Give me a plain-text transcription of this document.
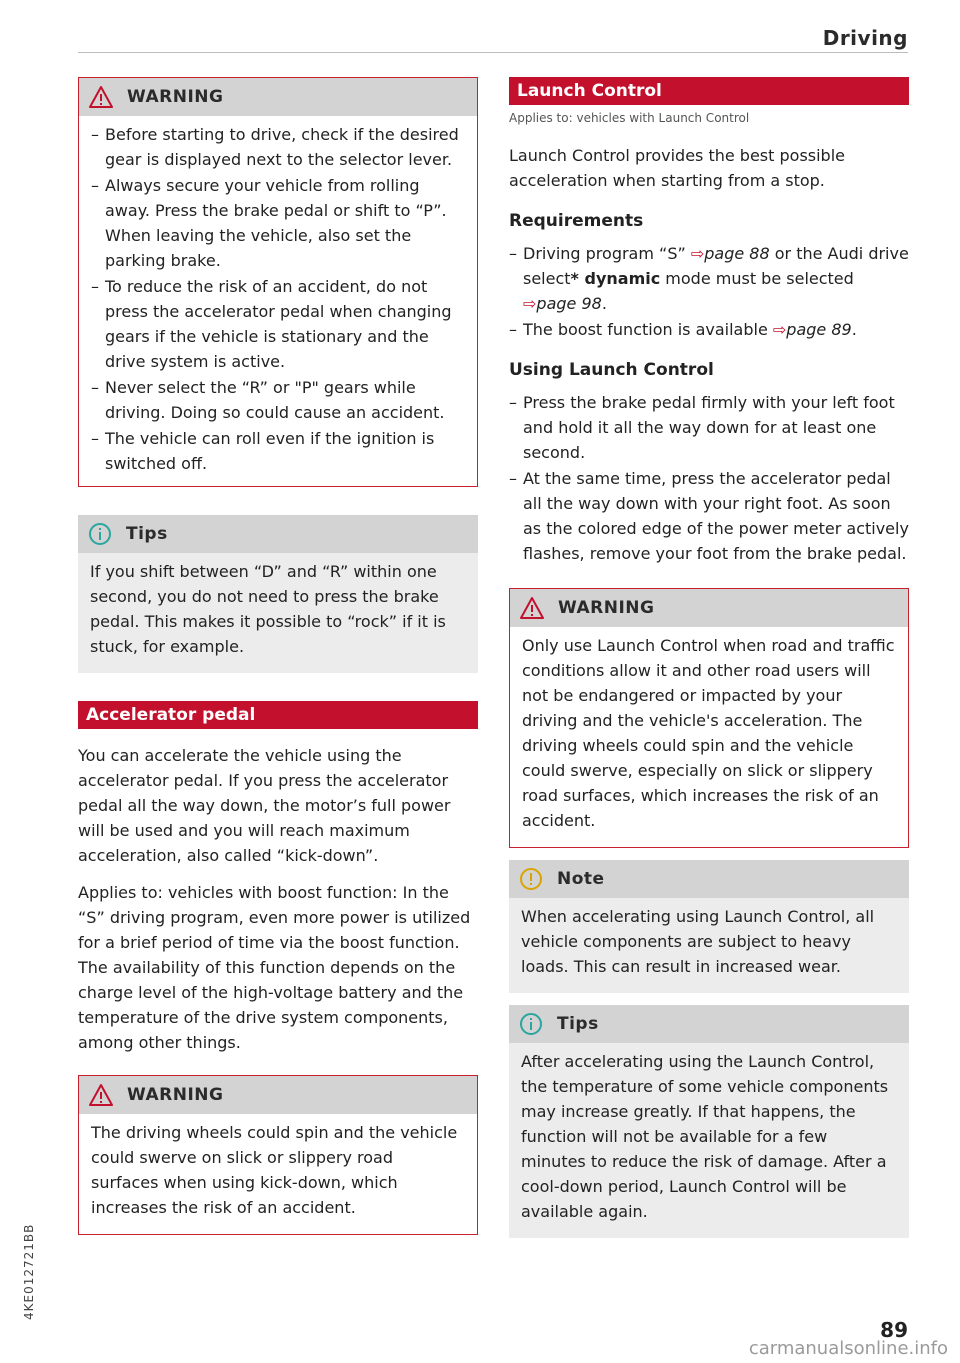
Driving
WARNING
– Before starting to drive, check if the desired gear is displayed next to the selector lever.
– Always secure your vehicle from rolling away. Press the brake pedal or shift to “P”. When leaving the vehicle, also set the parking brake.
– To reduce the risk of an accident, do not press the accelerator pedal when changing gears if the vehicle is stationary and the drive system is active.
– Never select the “R” or "P" gears while driving. Doing so could cause an accident.
– The vehicle can roll even if the ignition is switched off.
Tips

If you shift between “D” and “R” within one second, you do not need to press the brake pedal. This makes it possible to “rock” if it is stuck, for example.

Accelerator pedal

You can accelerate the vehicle using the accelerator pedal. If you press the accelerator pedal all the way down, the motor’s full power will be used and you will reach maximum acceleration, also called “kick-down”.

Applies to: vehicles with boost function: In the “S” driving program, even more power is utilized for a brief period of time via the boost function. The availability of this function depends on the charge level of the high-voltage battery and the temperature of the drive system components, among other things.

WARNING

The driving wheels could spin and the vehicle could swerve on slick or slippery road surfaces when using kick-down, which increases the risk of an accident.

Launch Control

Applies to: vehicles with Launch Control

Launch Control provides the best possible acceleration when starting from a stop.

Requirements
– Driving program “S” ⇨page 88 or the Audi drive select* dynamic mode must be selected ⇨page 98.
– The boost function is available ⇨page 89.
Using Launch Control
– Press the brake pedal firmly with your left foot and hold it all the way down for at least one second.
– At the same time, press the accelerator pedal all the way down with your right foot. As soon as the colored edge of the power meter actively flashes, remove your foot from the brake pedal.
WARNING

Only use Launch Control when road and traffic conditions allow it and other road users will not be endangered or impacted by your driving and the vehicle's acceleration. The driving wheels could spin and the vehicle could swerve, especially on slick or slippery road surfaces, which increases the risk of an accident.

Note

When accelerating using Launch Control, all vehicle components are subject to heavy loads. This can result in increased wear.

Tips

After accelerating using the Launch Control, the temperature of some vehicle components may increase greatly. If that happens, the function will not be available for a few minutes to reduce the risk of damage. After a cool-down period, Launch Control will be available again.

4KE012721BB
89
carmanualsonline.info
